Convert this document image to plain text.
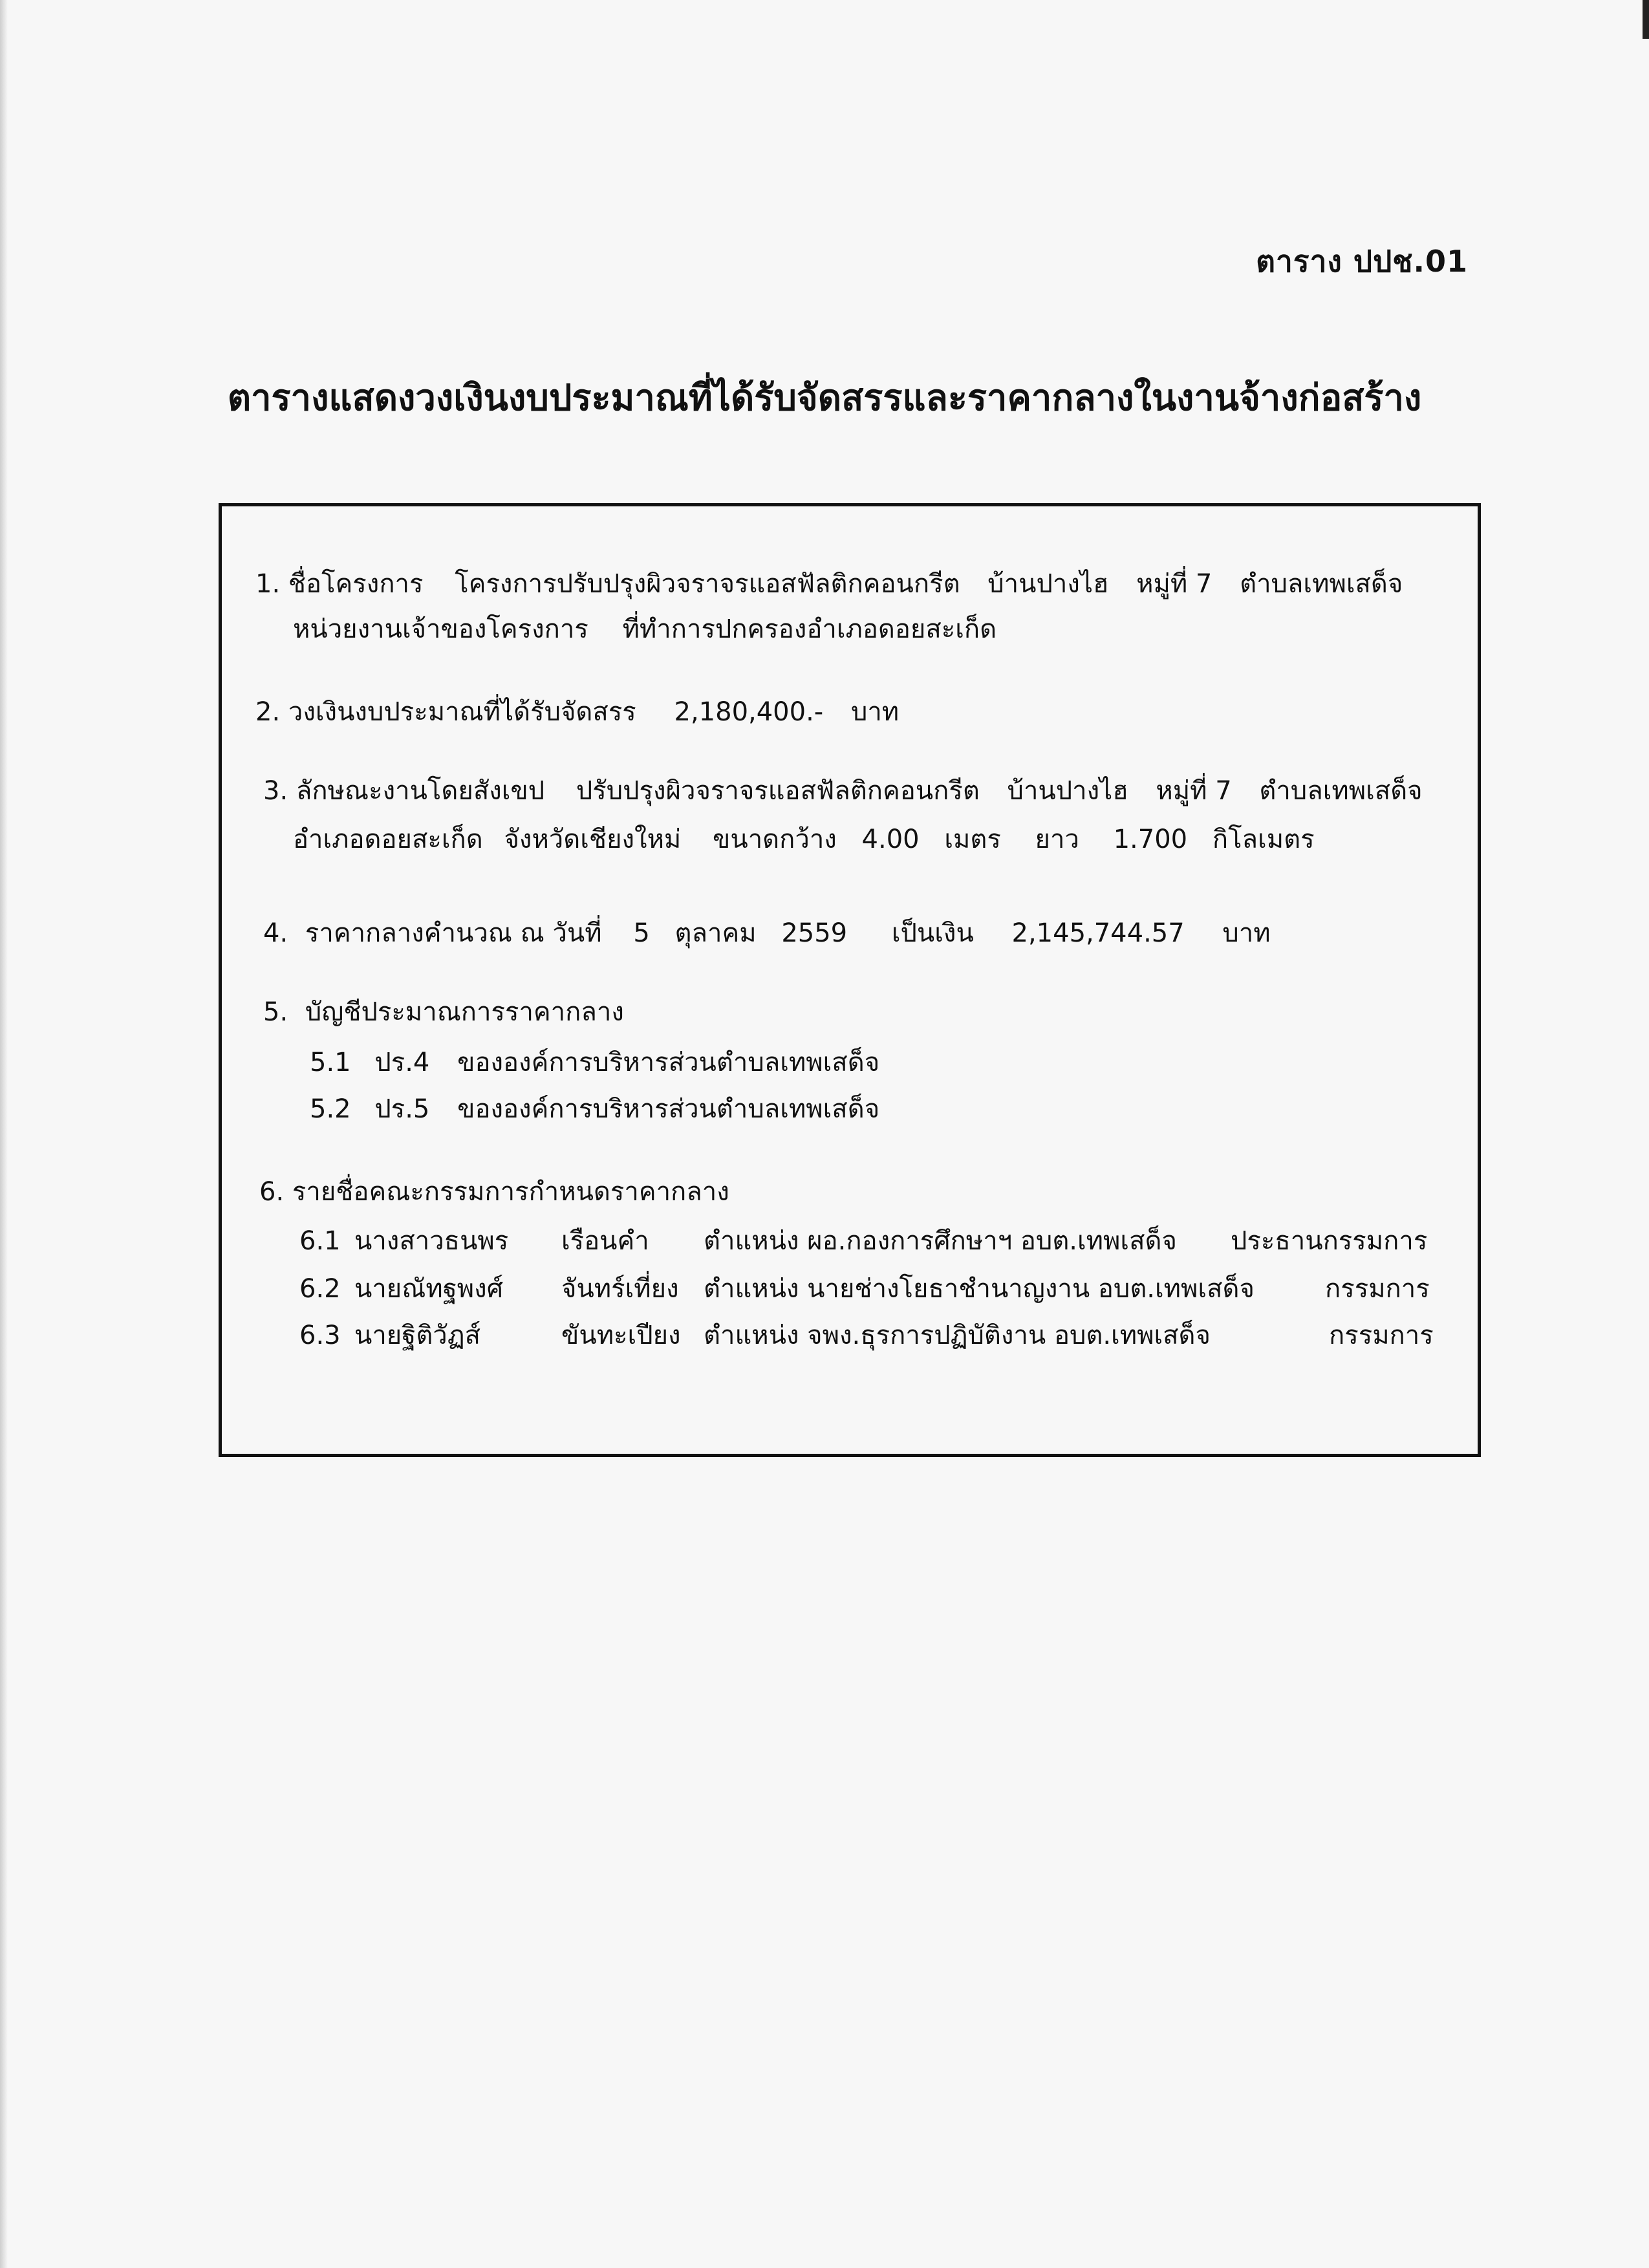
ตาราง ปปช.01
ตารางแสดงวงเงินงบประมาณที่ได้รับจัดสรรและราคากลางในงานจ้างก่อสร้าง
1. ชื่อโครงการ โครงการปรับปรุงผิวจราจรแอสฟัลติกคอนกรีต บ้านปางไฮ หมู่ที่ 7 ตำบลเทพเสด็จ
หน่วยงานเจ้าของโครงการ ที่ทำการปกครองอำเภอดอยสะเก็ด
2. วงเงินงบประมาณที่ได้รับจัดสรร 2,180,400.- บาท
3. ลักษณะงานโดยสังเขป ปรับปรุงผิวจราจรแอสฟัลติกคอนกรีต บ้านปางไฮ หมู่ที่ 7 ตำบลเทพเสด็จ
อำเภอดอยสะเก็ด จังหวัดเชียงใหม่ ขนาดกว้าง 4.00 เมตร ยาว 1.700 กิโลเมตร
4. ราคากลางคำนวณ ณ วันที่ 5 ตุลาคม 2559 เป็นเงิน 2,145,744.57 บาท
5. บัญชีประมาณการราคากลาง
5.1 ปร.4 ขององค์การบริหารส่วนตำบลเทพเสด็จ
5.2 ปร.5 ขององค์การบริหารส่วนตำบลเทพเสด็จ
6. รายชื่อคณะกรรมการกำหนดราคากลาง
6.1 นางสาวธนพร เรือนคำ ตำแหน่ง ผอ.กองการศึกษาฯ อบต.เทพเสด็จ ประธานกรรมการ
6.2 นายณัทฐพงศ์ จันทร์เที่ยง ตำแหน่ง นายช่างโยธาชำนาญงาน อบต.เทพเสด็จ	กรรมการ
6.3 นายฐิติวัฏส์	ขันทะเปียง ตำแหน่ง จพง.ธุรการปฏิบัติงาน อบต.เทพเสด็จ	กรรมการ
